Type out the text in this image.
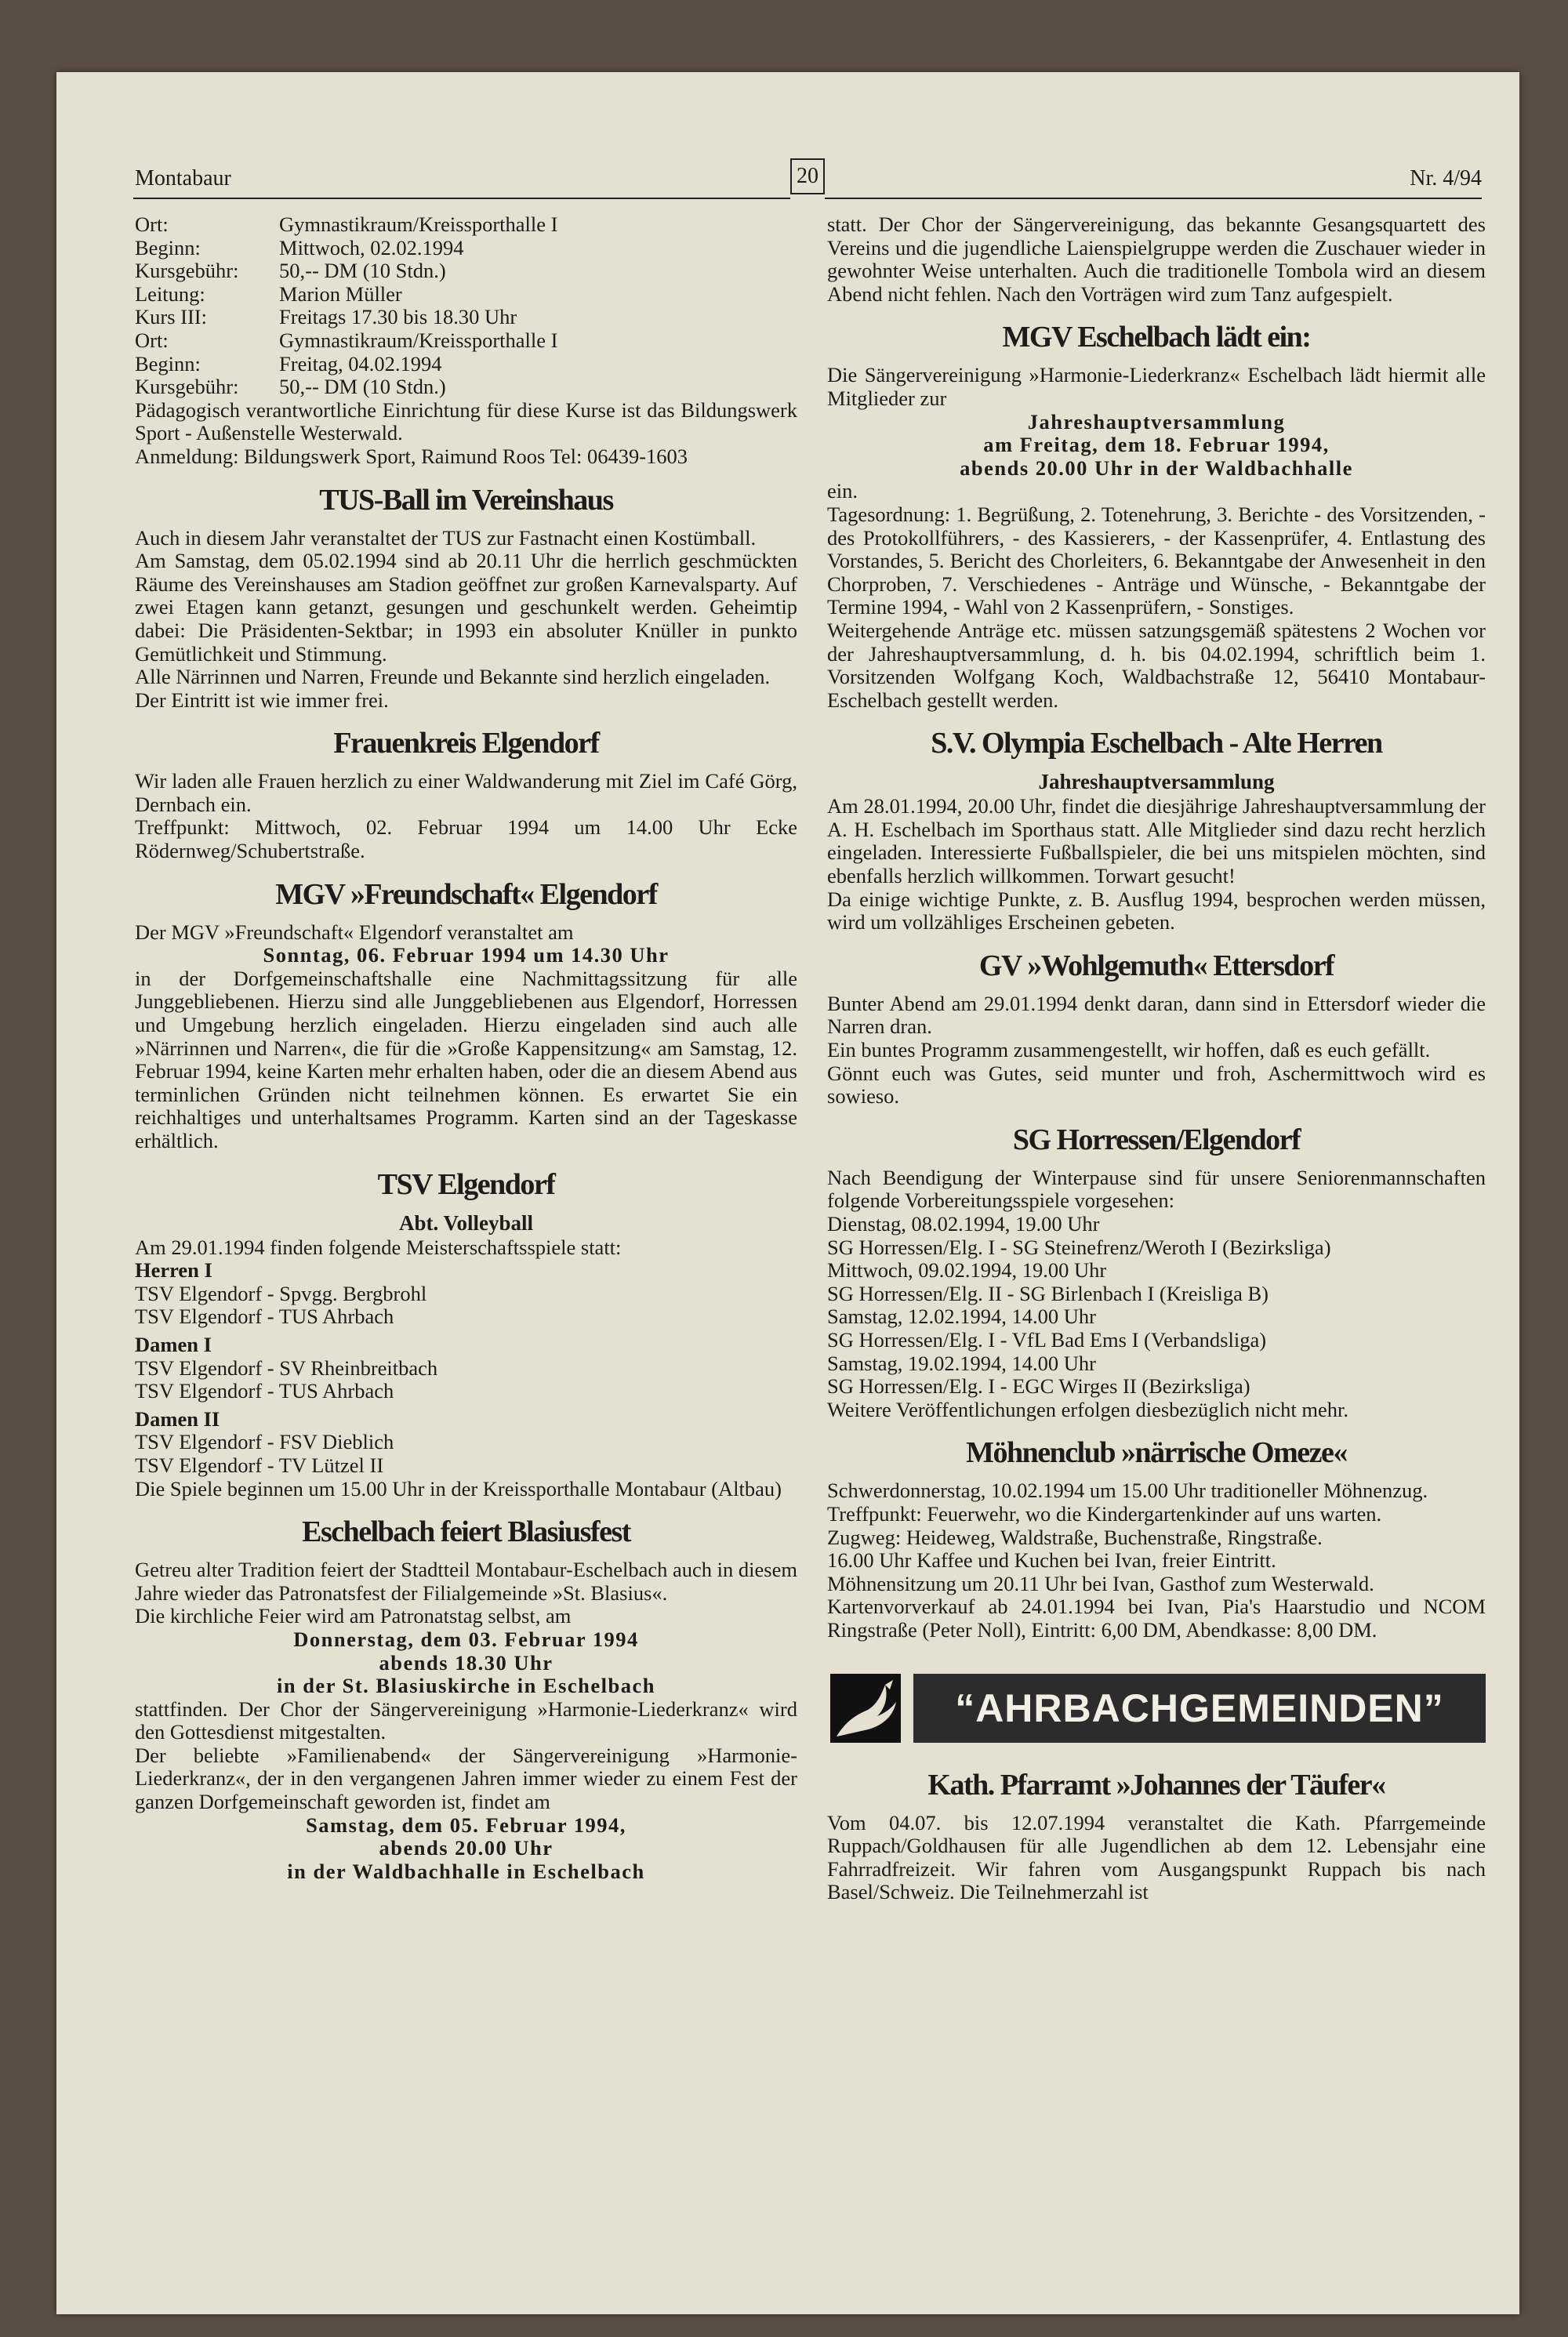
Montabaur	20	Nr. 4/94
Ort:	Gymnastikraum/Kreissporthalle I
Beginn:	Mittwoch, 02.02.1994
Kursgebühr:	50,-- DM (10 Stdn.)
Leitung:	Marion Müller
Kurs III:	Freitags 17.30 bis 18.30 Uhr
Ort:	Gymnastikraum/Kreissporthalle I
Beginn:	Freitag, 04.02.1994
Kursgebühr:	50,-- DM (10 Stdn.)

Pädagogisch verantwortliche Einrichtung für diese Kurse ist das Bildungswerk Sport - Außenstelle Westerwald.

Anmeldung: Bildungswerk Sport, Raimund Roos Tel: 06439-1603

TUS-Ball im Vereinshaus

Auch in diesem Jahr veranstaltet der TUS zur Fastnacht einen Kostümball.

Am Samstag, dem 05.02.1994 sind ab 20.11 Uhr die herrlich geschmückten Räume des Vereinshauses am Stadion geöffnet zur großen Karnevalsparty. Auf zwei Etagen kann getanzt, gesungen und geschunkelt werden. Geheimtip dabei: Die Präsidenten-Sektbar; in 1993 ein absoluter Knüller in punkto Gemütlichkeit und Stimmung.

Alle Närrinnen und Narren, Freunde und Bekannte sind herzlich eingeladen.

Der Eintritt ist wie immer frei.

Frauenkreis Elgendorf

Wir laden alle Frauen herzlich zu einer Waldwanderung mit Ziel im Café Görg, Dernbach ein.

Treffpunkt: Mittwoch, 02. Februar 1994 um 14.00 Uhr Ecke Rödernweg/Schubertstraße.

MGV »Freundschaft« Elgendorf

Der MGV »Freundschaft« Elgendorf veranstaltet am

Sonntag, 06. Februar 1994 um 14.30 Uhr

in der Dorfgemeinschaftshalle eine Nachmittagssitzung für alle Junggebliebenen. Hierzu sind alle Junggebliebenen aus Elgendorf, Horressen und Umgebung herzlich eingeladen. Hierzu eingeladen sind auch alle »Närrinnen und Narren«, die für die »Große Kappensitzung« am Samstag, 12. Februar 1994, keine Karten mehr erhalten haben, oder die an diesem Abend aus terminlichen Gründen nicht teilnehmen können. Es erwartet Sie ein reichhaltiges und unterhaltsames Programm. Karten sind an der Tageskasse erhältlich.

TSV Elgendorf
Abt. Volleyball

Am 29.01.1994 finden folgende Meisterschaftsspiele statt:

Herren I

TSV Elgendorf - Spvgg. Bergbrohl

TSV Elgendorf - TUS Ahrbach

Damen I

TSV Elgendorf - SV Rheinbreitbach

TSV Elgendorf - TUS Ahrbach

Damen II

TSV Elgendorf - FSV Dieblich

TSV Elgendorf - TV Lützel II

Die Spiele beginnen um 15.00 Uhr in der Kreissporthalle Montabaur (Altbau)

Eschelbach feiert Blasiusfest

Getreu alter Tradition feiert der Stadtteil Montabaur-Eschelbach auch in diesem Jahre wieder das Patronatsfest der Filialgemeinde »St. Blasius«.

Die kirchliche Feier wird am Patronatstag selbst, am

Donnerstag, dem 03. Februar 1994

abends 18.30 Uhr

in der St. Blasiuskirche in Eschelbach

stattfinden. Der Chor der Sängervereinigung »Harmonie-Liederkranz« wird den Gottesdienst mitgestalten.

Der beliebte »Familienabend« der Sängervereinigung »Harmonie-Liederkranz«, der in den vergangenen Jahren immer wieder zu einem Fest der ganzen Dorfgemeinschaft geworden ist, findet am

Samstag, dem 05. Februar 1994,

abends 20.00 Uhr

in der Waldbachhalle in Eschelbach

statt. Der Chor der Sängervereinigung, das bekannte Gesangsquartett des Vereins und die jugendliche Laienspielgruppe werden die Zuschauer wieder in gewohnter Weise unterhalten. Auch die traditionelle Tombola wird an diesem Abend nicht fehlen. Nach den Vorträgen wird zum Tanz aufgespielt.

MGV Eschelbach lädt ein:

Die Sängervereinigung »Harmonie-Liederkranz« Eschelbach lädt hiermit alle Mitglieder zur

Jahreshauptversammlung

am Freitag, dem 18. Februar 1994,

abends 20.00 Uhr in der Waldbachhalle

ein.

Tagesordnung: 1. Begrüßung, 2. Totenehrung, 3. Berichte - des Vorsitzenden, - des Protokollführers, - des Kassierers, - der Kassenprüfer, 4. Entlastung des Vorstandes, 5. Bericht des Chorleiters, 6. Bekanntgabe der Anwesenheit in den Chorproben, 7. Verschiedenes - Anträge und Wünsche, - Bekanntgabe der Termine 1994, - Wahl von 2 Kassenprüfern, - Sonstiges.

Weitergehende Anträge etc. müssen satzungsgemäß spätestens 2 Wochen vor der Jahreshauptversammlung, d. h. bis 04.02.1994, schriftlich beim 1. Vorsitzenden Wolfgang Koch, Waldbachstraße 12, 56410 Montabaur-Eschelbach gestellt werden.

S.V. Olympia Eschelbach - Alte Herren
Jahreshauptversammlung

Am 28.01.1994, 20.00 Uhr, findet die diesjährige Jahreshauptversammlung der A. H. Eschelbach im Sporthaus statt. Alle Mitglieder sind dazu recht herzlich eingeladen. Interessierte Fußballspieler, die bei uns mitspielen möchten, sind ebenfalls herzlich willkommen. Torwart gesucht!

Da einige wichtige Punkte, z. B. Ausflug 1994, besprochen werden müssen, wird um vollzähliges Erscheinen gebeten.

GV »Wohlgemuth« Ettersdorf

Bunter Abend am 29.01.1994 denkt daran, dann sind in Ettersdorf wieder die Narren dran.

Ein buntes Programm zusammengestellt, wir hoffen, daß es euch gefällt.

Gönnt euch was Gutes, seid munter und froh, Aschermittwoch wird es sowieso.

SG Horressen/Elgendorf

Nach Beendigung der Winterpause sind für unsere Seniorenmannschaften folgende Vorbereitungsspiele vorgesehen:

Dienstag, 08.02.1994, 19.00 Uhr

SG Horressen/Elg. I - SG Steinefrenz/Weroth I (Bezirksliga)

Mittwoch, 09.02.1994, 19.00 Uhr

SG Horressen/Elg. II - SG Birlenbach I (Kreisliga B)

Samstag, 12.02.1994, 14.00 Uhr

SG Horressen/Elg. I - VfL Bad Ems I (Verbandsliga)

Samstag, 19.02.1994, 14.00 Uhr

SG Horressen/Elg. I - EGC Wirges II (Bezirksliga)

Weitere Veröffentlichungen erfolgen diesbezüglich nicht mehr.

Möhnenclub »närrische Omeze«

Schwerdonnerstag, 10.02.1994 um 15.00 Uhr traditioneller Möhnenzug.

Treffpunkt: Feuerwehr, wo die Kindergartenkinder auf uns warten.

Zugweg: Heideweg, Waldstraße, Buchenstraße, Ringstraße.

16.00 Uhr Kaffee und Kuchen bei Ivan, freier Eintritt.

Möhnensitzung um 20.11 Uhr bei Ivan, Gasthof zum Westerwald.

Kartenvorverkauf ab 24.01.1994 bei Ivan, Pia's Haarstudio und NCOM Ringstraße (Peter Noll), Eintritt: 6,00 DM, Abendkasse: 8,00 DM.

“AHRBACHGEMEINDEN”
Kath. Pfarramt »Johannes der Täufer«

Vom 04.07. bis 12.07.1994 veranstaltet die Kath. Pfarrgemeinde Ruppach/Goldhausen für alle Jugendlichen ab dem 12. Lebensjahr eine Fahrradfreizeit. Wir fahren vom Ausgangspunkt Ruppach bis nach Basel/Schweiz. Die Teilnehmerzahl ist
